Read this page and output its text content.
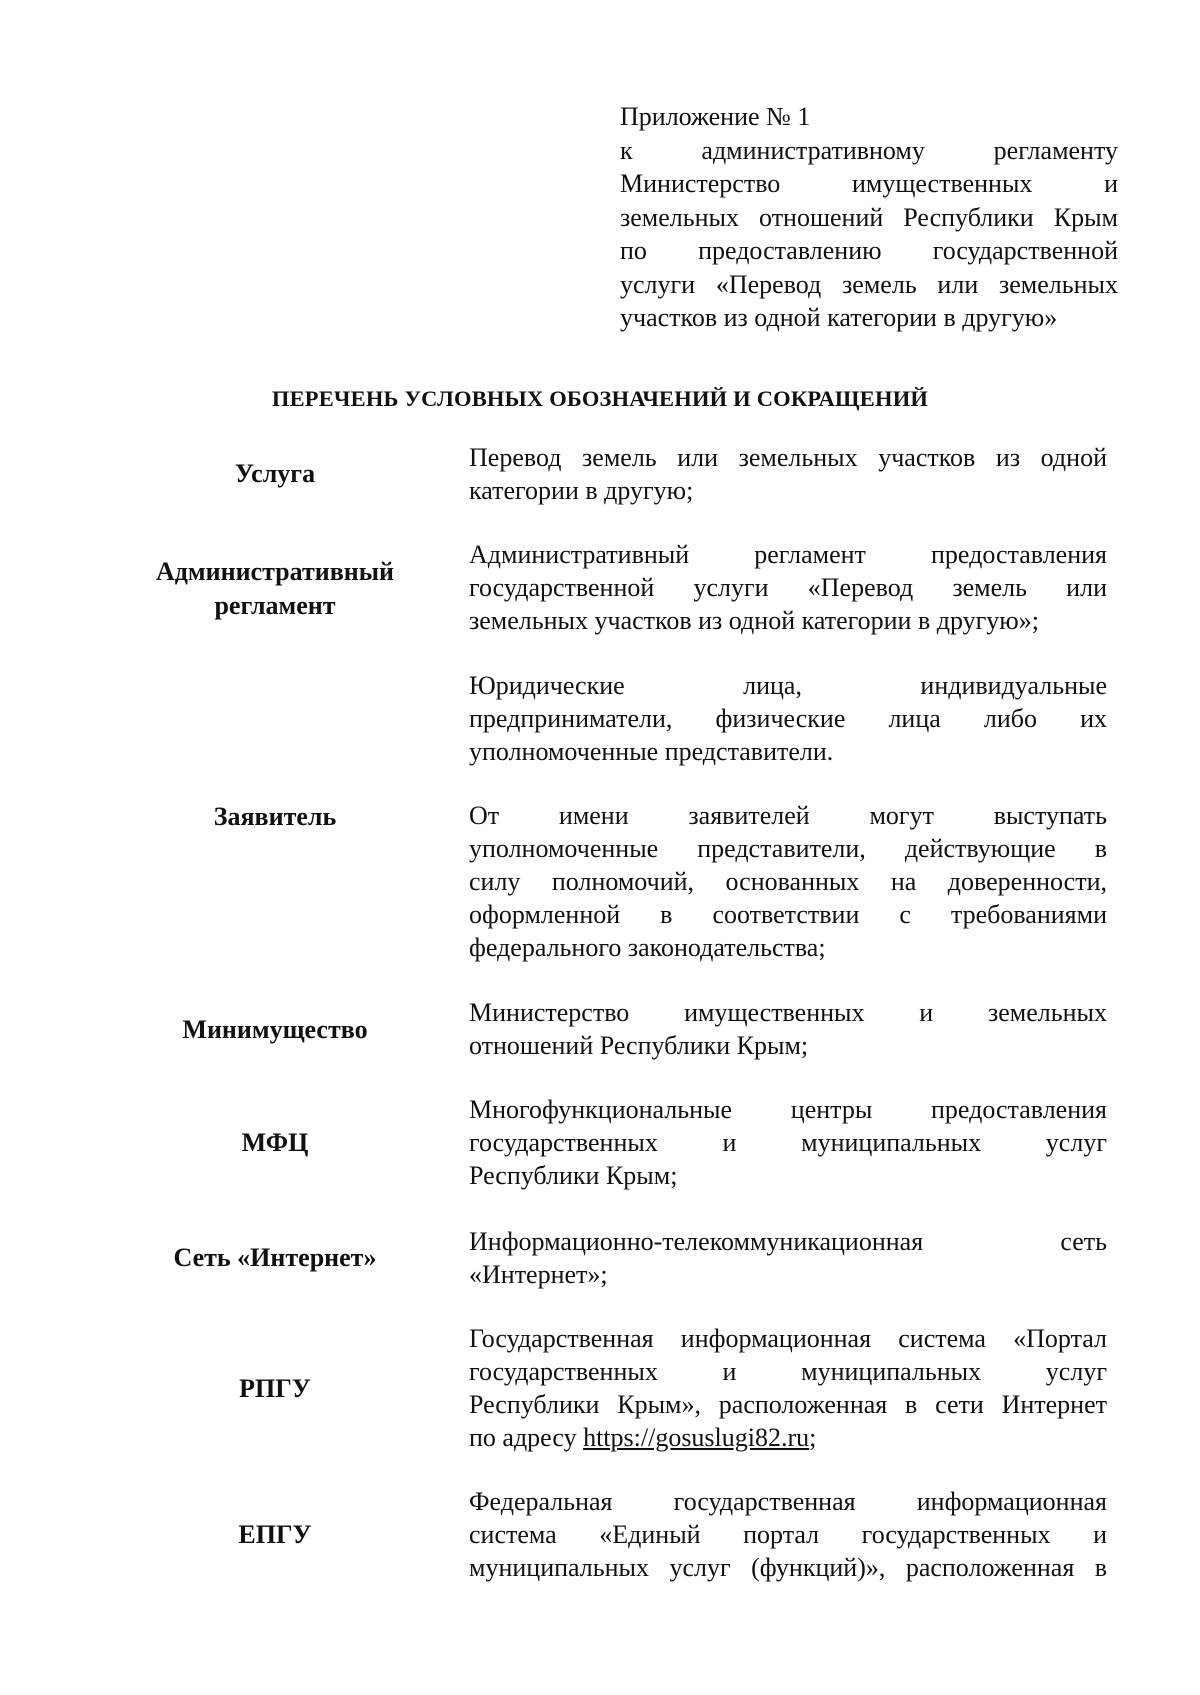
Приложение № 1
к административному регламенту
Министерство имущественных и
земельных отношений Республики Крым
по предоставлению государственной
услуги «Перевод земель или земельных
участков из одной категории в другую»
ПЕРЕЧЕНЬ УСЛОВНЫХ ОБОЗНАЧЕНИЙ И СОКРАЩЕНИЙ
Услуга
Перевод земель или земельных участков из одной
категории в другую;
Административный
регламент
Административный регламент предоставления
государственной услуги «Перевод земель или
земельных участков из одной категории в другую»;
Юридические лица, индивидуальные
предприниматели, физические лица либо их
уполномоченные представители.
Заявитель	От имени заявителей могут выступать
уполномоченные представители, действующие в
силу полномочий, основанных на доверенности,
оформленной в соответствии с требованиями
федерального законодательства;
Минимущество
Министерство имущественных и земельных
отношений Республики Крым;
МФЦ
Многофункциональные центры предоставления
государственных и муниципальных услуг
Республики Крым;
Сеть «Интернет»
Информационно-телекоммуникационная сеть
«Интернет»;
РПГУ
Государственная информационная система «Портал
государственных и муниципальных услуг
Республики Крым», расположенная в сети Интернет
по адресу https://gosuslugi82.ru;
ЕПГУ
Федеральная государственная информационная
система «Единый портал государственных и
муниципальных услуг (функций)», расположенная в
